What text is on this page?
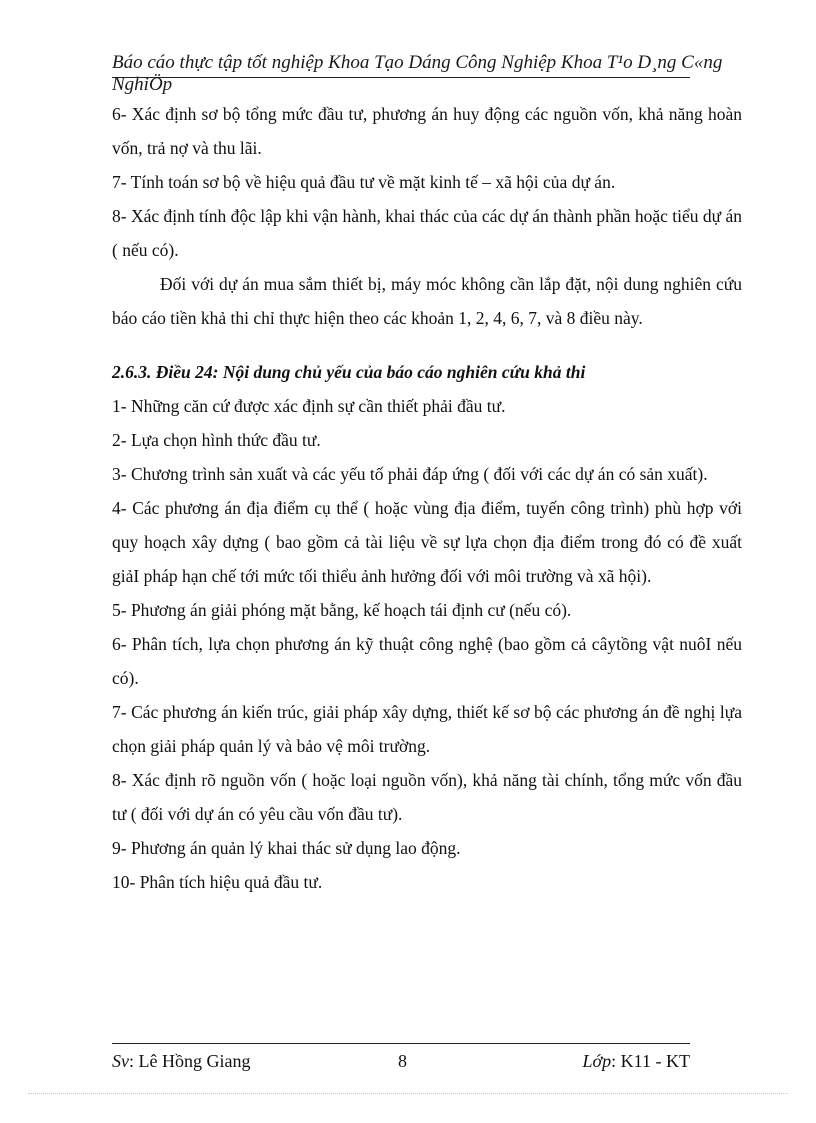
Báo cáo thực tập tốt nghiệp Khoa Tạo Dáng Công Nghiệp Khoa T¹o D¸ng C«ng NghiÖp

6- Xác định sơ bộ tổng mức đầu tư, phương án huy động các nguồn vốn, khả năng hoàn vốn, trả nợ và thu lãi.

7- Tính toán sơ bộ về hiệu quả đầu tư về mặt kinh tế – xã hội của dự án.

8- Xác định tính độc lập khi vận hành, khai thác của các dự án thành phần hoặc tiểu dự án ( nếu có).

Đối với dự án mua sắm thiết bị, máy móc không cần lắp đặt, nội dung nghiên cứu báo cáo tiền khả thi chỉ thực hiện theo các khoản 1, 2, 4, 6, 7, và 8 điều này.

2.6.3. Điều 24: Nội dung chủ yếu của báo cáo nghiên cứu khả thi

1- Những căn cứ được xác định sự cần thiết phải đầu tư.

2- Lựa chọn hình thức đầu tư.

3- Chương trình sản xuất và các yếu tố phải đáp ứng ( đối với các dự án có sản xuất).

4- Các phương án địa điểm cụ thể ( hoặc vùng địa điểm, tuyến công trình) phù hợp với quy hoạch xây dựng ( bao gồm cả tài liệu về sự lựa chọn địa điểm trong đó có đề xuất giảI pháp hạn chế tới mức tối thiểu ảnh hưởng đối với môi trường và xã hội).

5- Phương án giải phóng mặt bằng, kế hoạch tái định cư (nếu có).

6- Phân tích, lựa chọn phương án kỹ thuật công nghệ (bao gồm cả câytồng vật nuôI nếu có).

7- Các phương án kiến trúc, giải pháp xây dựng, thiết kế sơ bộ các phương án đề nghị lựa chọn giải pháp quản lý và bảo vệ môi trường.

8- Xác định rõ nguồn vốn ( hoặc loại nguồn vốn), khả năng tài chính, tổng mức vốn đầu tư ( đối với dự án có yêu cầu vốn đầu tư).

9- Phương án quản lý khai thác sử dụng lao động.

10- Phân tích hiệu quả đầu tư.

Sv: Lê Hồng Giang	8	Lớp: K11 - KT
